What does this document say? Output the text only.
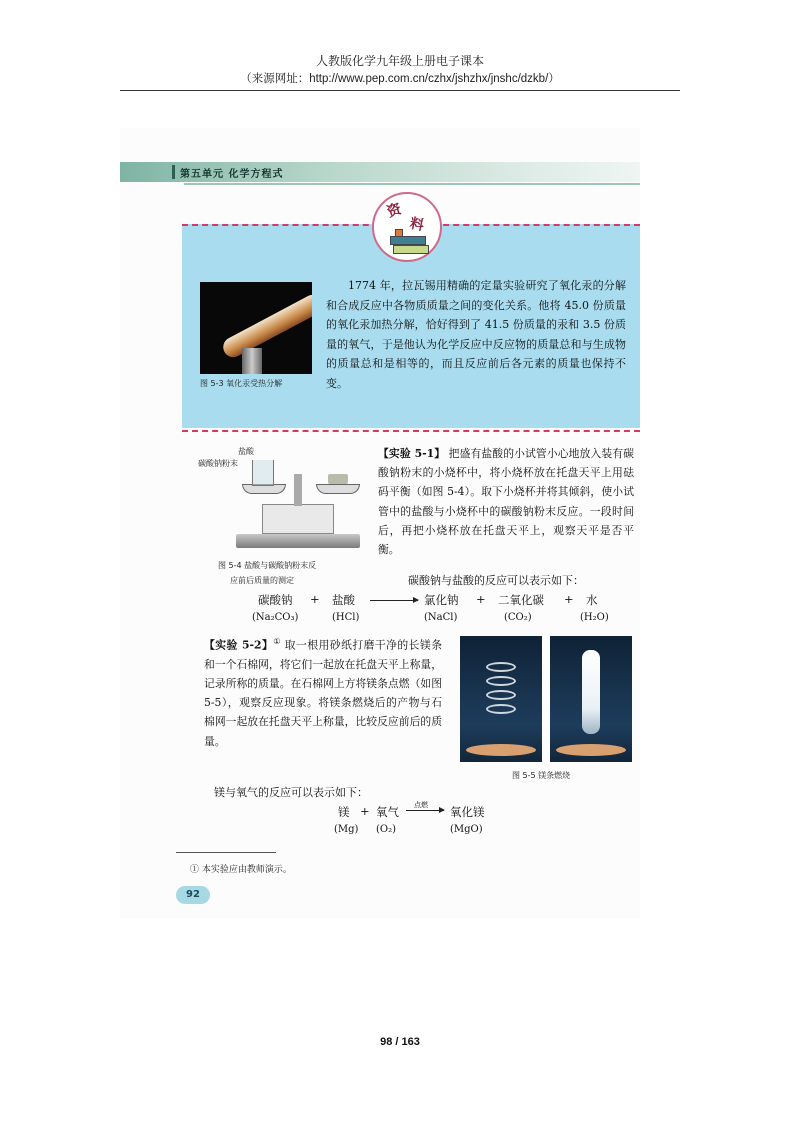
人教版化学九年级上册电子课本
（来源网址：http://www.pep.com.cn/czhx/jshzhx/jnshc/dzkb/）
第五单元 化学方程式
资
料
图 5-3 氧化汞受热分解
1774 年，拉瓦锡用精确的定量实验研究了氧化汞的分解和合成反应中各物质质量之间的变化关系。他将 45.0 份质量的氧化汞加热分解，恰好得到了 41.5 份质量的汞和 3.5 份质量的氧气，于是他认为化学反应中反应物的质量总和与生成物的质量总和是相等的，而且反应前后各元素的质量也保持不变。
盐酸
碳酸钠粉末
图 5-4 盐酸与碳酸钠粉末反
应前后质量的测定
【实验 5-1】 把盛有盐酸的小试管小心地放入装有碳酸钠粉末的小烧杯中，将小烧杯放在托盘天平上用砝码平衡（如图 5-4）。取下小烧杯并将其倾斜，使小试管中的盐酸与小烧杯中的碳酸钠粉末反应。一段时间后，再把小烧杯放在托盘天平上，观察天平是否平衡。
碳酸钠与盐酸的反应可以表示如下：
碳酸钠 + 盐酸	氯化钠 + 二氧化碳 + 水
(Na₂CO₃)	(HCl)	(NaCl)	(CO₂)	(H₂O)
【实验 5-2】① 取一根用砂纸打磨干净的长镁条和一个石棉网，将它们一起放在托盘天平上称量，记录所称的质量。在石棉网上方将镁条点燃（如图 5-5），观察反应现象。将镁条燃烧后的产物与石棉网一起放在托盘天平上称量，比较反应前后的质量。
图 5-5 镁条燃烧
镁与氧气的反应可以表示如下：
镁 + 氧气 点燃 氧化镁
(Mg) (O₂)	(MgO)
① 本实验应由教师演示。
92
98 / 163
